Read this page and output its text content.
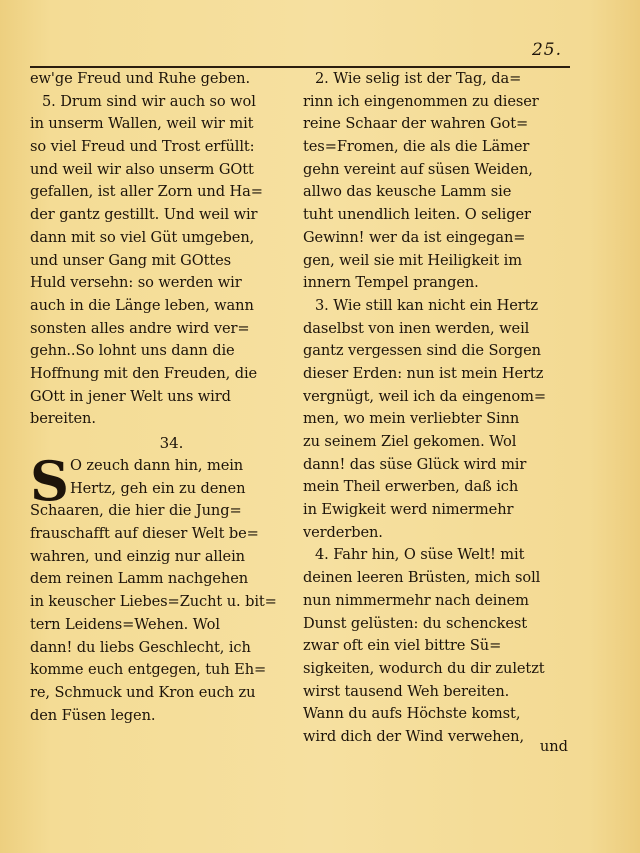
25.
ew'ge Freud und Ruhe geben.
5. Drum sind wir auch so wol
in unserm Wallen, weil wir mit
so viel Freud und Trost erfüllt:
und weil wir also unserm GOtt
gefallen, ist aller Zorn und Ha=
der gantz gestillt. Und weil wir
dann mit so viel Güt umgeben,
und unser Gang mit GOttes
Huld versehn: so werden wir
auch in die Länge leben, wann
sonsten alles andre wird ver=
gehn..So lohnt uns dann die
Hoffnung mit den Freuden, die
GOtt in jener Welt uns wird
bereiten.
34.
S O zeuch dann hin, mein
Hertz, geh ein zu denen
Schaaren, die hier die Jung=
frauschafft auf dieser Welt be=
wahren, und einzig nur allein
dem reinen Lamm nachgehen
in keuscher Liebes=Zucht u. bit=
tern Leidens=Wehen. Wol
dann! du liebs Geschlecht, ich
komme euch entgegen, tuh Eh=
re, Schmuck und Kron euch zu
den Füsen legen.
2. Wie selig ist der Tag, da=
rinn ich eingenommen zu dieser
reine Schaar der wahren Got=
tes=Fromen, die als die Lämer
gehn vereint auf süsen Weiden,
allwo das keusche Lamm sie
tuht unendlich leiten. O seliger
Gewinn! wer da ist eingegan=
gen, weil sie mit Heiligkeit im
innern Tempel prangen.
3. Wie still kan nicht ein Hertz
daselbst von inen werden, weil
gantz vergessen sind die Sorgen
dieser Erden: nun ist mein Hertz
vergnügt, weil ich da eingenom=
men, wo mein verliebter Sinn
zu seinem Ziel gekomen. Wol
dann! das süse Glück wird mir
mein Theil erwerben, daß ich
in Ewigkeit werd nimermehr
verderben.
4. Fahr hin, O süse Welt! mit
deinen leeren Brüsten, mich soll
nun nimmermehr nach deinem
Dunst gelüsten: du schenckest
zwar oft ein viel bittre Sü=
sigkeiten, wodurch du dir zuletzt
wirst tausend Weh bereiten.
Wann du aufs Höchste komst,
wird dich der Wind verwehen,
und
